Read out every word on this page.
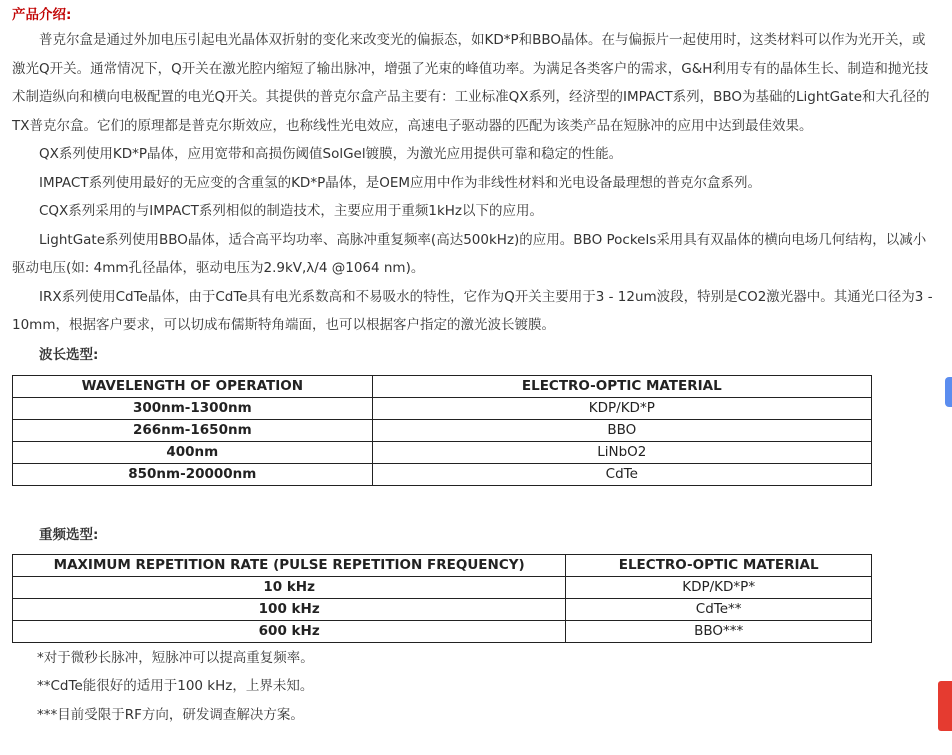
产品介绍:

普克尔盒是通过外加电压引起电光晶体双折射的变化来改变光的偏振态，如KD*P和BBO晶体。在与偏振片一起使用时，这类材料可以作为光开关，或激光Q开关。通常情况下，Q开关在激光腔内缩短了输出脉冲，增强了光束的峰值功率。为满足各类客户的需求，G&H利用专有的晶体生长、制造和抛光技术制造纵向和横向电极配置的电光Q开关。其提供的普克尔盒产品主要有：工业标准QX系列，经济型的IMPACT系列，BBO为基础的LightGate和大孔径的TX普克尔盒。它们的原理都是普克尔斯效应，也称线性光电效应，高速电子驱动器的匹配为该类产品在短脉冲的应用中达到最佳效果。

QX系列使用KD*P晶体，应用宽带和高损伤阈值SolGel镀膜，为激光应用提供可靠和稳定的性能。

IMPACT系列使用最好的无应变的含重氢的KD*P晶体，是OEM应用中作为非线性材料和光电设备最理想的普克尔盒系列。

CQX系列采用的与IMPACT系列相似的制造技术，主要应用于重频1kHz以下的应用。

LightGate系列使用BBO晶体，适合高平均功率、高脉冲重复频率(高达500kHz)的应用。BBO Pockels采用具有双晶体的横向电场几何结构，以减小驱动电压(如: 4mm孔径晶体，驱动电压为2.9kV,λ/4 @1064 nm)。

IRX系列使用CdTe晶体，由于CdTe具有电光系数高和不易吸水的特性，它作为Q开关主要用于3 - 12um波段，特别是CO2激光器中。其通光口径为3 - 10mm，根据客户要求，可以切成布儒斯特角端面，也可以根据客户指定的激光波长镀膜。

波长选型:
WAVELENGTH OF OPERATION	ELECTRO-OPTIC MATERIAL
300nm-1300nm	KDP/KD*P
266nm-1650nm	BBO
400nm	LiNbO2
850nm-20000nm	CdTe
重频选型:
MAXIMUM REPETITION RATE (PULSE REPETITION FREQUENCY)	ELECTRO-OPTIC MATERIAL
10 kHz	KDP/KD*P*
100 kHz	CdTe**
600 kHz	BBO***

*对于微秒长脉冲，短脉冲可以提高重复频率。

**CdTe能很好的适用于100 kHz，上界未知。

***目前受限于RF方向，研发调查解决方案。
